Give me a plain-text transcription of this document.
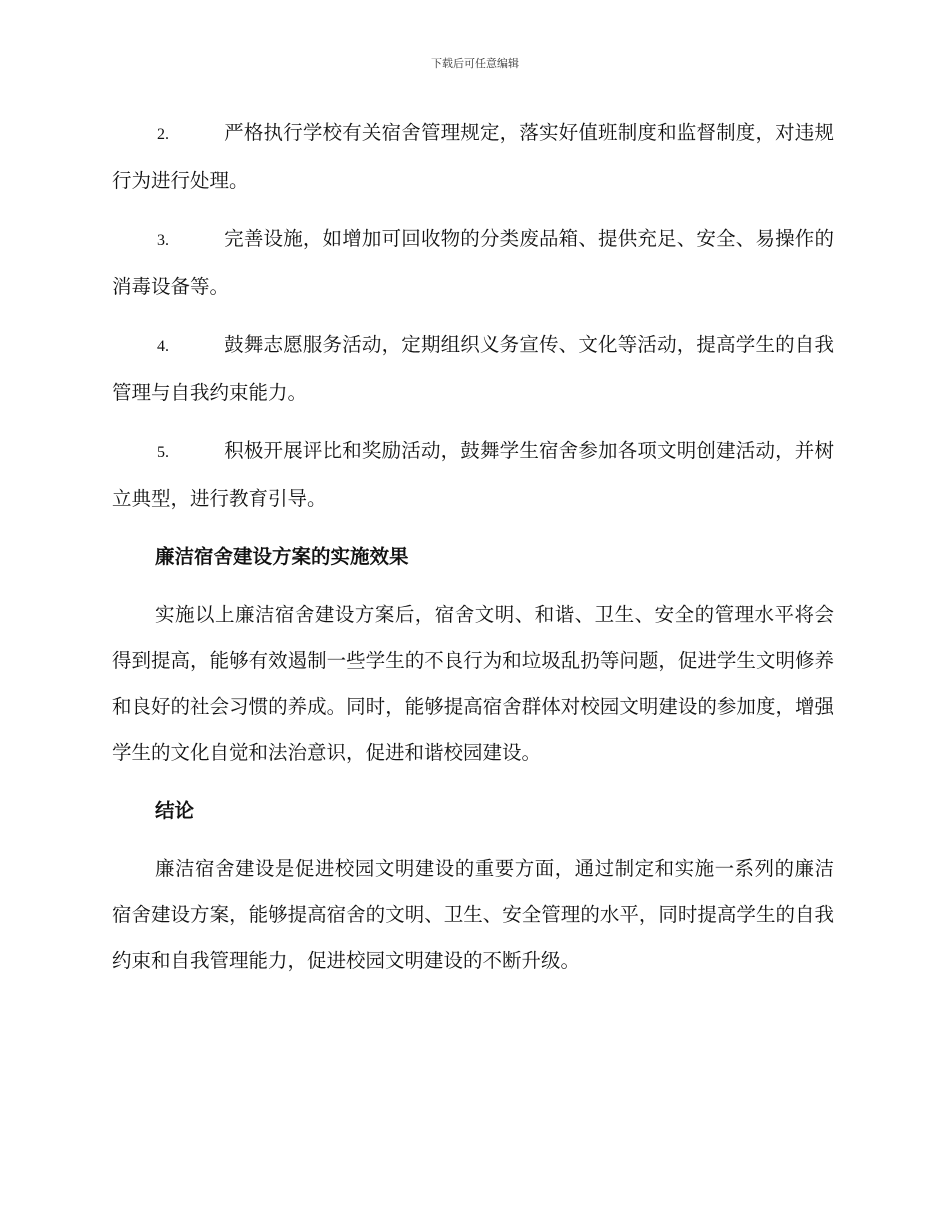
下载后可任意编辑

2.	严格执行学校有关宿舍管理规定，落实好值班制度和监督制度，对违规行为进行处理。

3.	完善设施，如增加可回收物的分类废品箱、提供充足、安全、易操作的消毒设备等。

4.	鼓舞志愿服务活动，定期组织义务宣传、文化等活动，提高学生的自我管理与自我约束能力。

5.	积极开展评比和奖励活动，鼓舞学生宿舍参加各项文明创建活动，并树立典型，进行教育引导。

廉洁宿舍建设方案的实施效果

实施以上廉洁宿舍建设方案后，宿舍文明、和谐、卫生、安全的管理水平将会得到提高，能够有效遏制一些学生的不良行为和垃圾乱扔等问题，促进学生文明修养和良好的社会习惯的养成。同时，能够提高宿舍群体对校园文明建设的参加度，增强学生的文化自觉和法治意识，促进和谐校园建设。

结论

廉洁宿舍建设是促进校园文明建设的重要方面，通过制定和实施一系列的廉洁宿舍建设方案，能够提高宿舍的文明、卫生、安全管理的水平，同时提高学生的自我约束和自我管理能力，促进校园文明建设的不断升级。
